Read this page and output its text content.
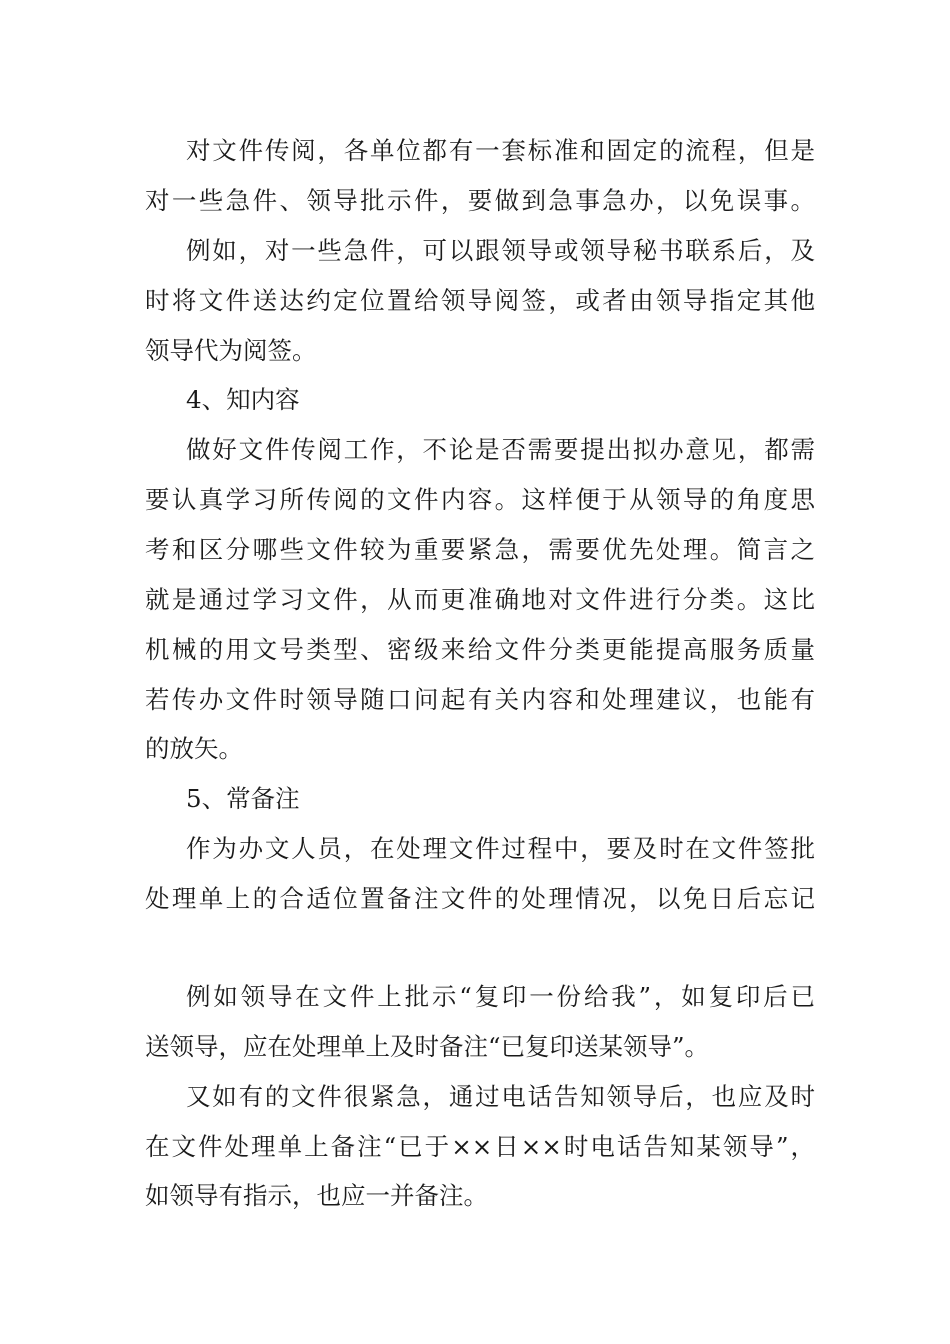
对文件传阅，各单位都有一套标准和固定的流程，但是
对一些急件、领导批示件，要做到急事急办，以免误事。
例如，对一些急件，可以跟领导或领导秘书联系后，及
时将文件送达约定位置给领导阅签，或者由领导指定其他
领导代为阅签。
4、知内容
做好文件传阅工作，不论是否需要提出拟办意见，都需
要认真学习所传阅的文件内容。这样便于从领导的角度思
考和区分哪些文件较为重要紧急，需要优先处理。简言之
就是通过学习文件，从而更准确地对文件进行分类。这比
机械的用文号类型、密级来给文件分类更能提高服务质量
若传办文件时领导随口问起有关内容和处理建议，也能有
的放矢。
5、常备注
作为办文人员，在处理文件过程中，要及时在文件签批
处理单上的合适位置备注文件的处理情况，以免日后忘记
例如领导在文件上批示“复印一份给我”，如复印后已
送领导，应在处理单上及时备注“已复印送某领导”。
又如有的文件很紧急，通过电话告知领导后，也应及时
在文件处理单上备注“已于××日××时电话告知某领导”，
如领导有指示，也应一并备注。
